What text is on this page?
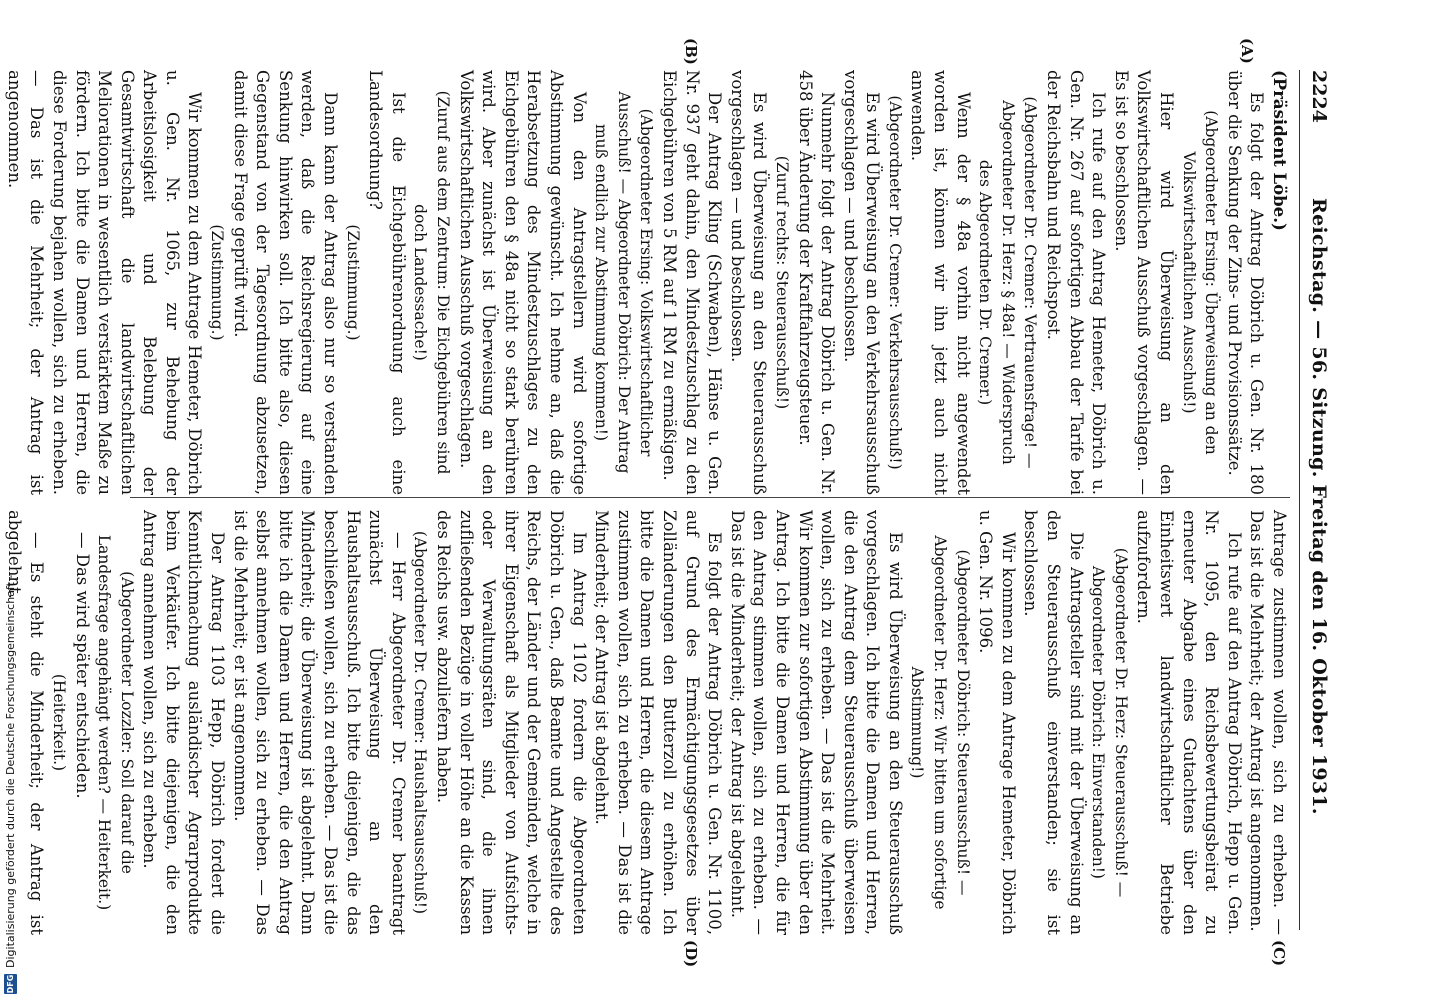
2224
Reichstag. — 56. Sitzung. Freitag den 16. Oktober 1931.
(A)
(B)
(C)
(D)

(Präsident Löbe.)

Es folgt der Antrag Döbrich u. Gen. Nr. 180 über die Senkung der Zins- und Provisionssätze.

(Abgeordneter Ersing: Überweisung an den Volkswirtschaftlichen Ausschuß!)

Hier wird Überweisung an den Volkswirtschaftlichen Ausschuß vorgeschlagen. — Es ist so beschlossen.

Ich rufe auf den Antrag Hemeter, Döbrich u. Gen. Nr. 267 auf sofortigen Abbau der Tarife bei der Reichsbahn und Reichspost.

(Abgeordneter Dr. Cremer: Vertrauensfrage! — Abgeordneter Dr. Herz: § 48a! — Widerspruch des Abgeordneten Dr. Cremer.)

Wenn der § 48a vorhin nicht angewendet worden ist, können wir ihn jetzt auch nicht anwenden.

(Abgeordneter Dr. Cremer: Verkehrsausschuß!)

Es wird Überweisung an den Verkehrsausschuß vorgeschlagen — und beschlossen.

Nunmehr folgt der Antrag Döbrich u. Gen. Nr. 458 über Änderung der Kraftfahrzeugsteuer.

(Zuruf rechts: Steuerausschuß!)

Es wird Überweisung an den Steuerausschuß vorgeschlagen — und beschlossen.

Der Antrag Kling (Schwaben), Hänse u. Gen. Nr. 937 geht dahin, den Mindestzuschlag zu den Eichgebühren von 5 RM auf 1 RM zu ermäßigen.

(Abgeordneter Ersing: Volkswirtschaftlicher Ausschuß! — Abgeordneter Döbrich: Der Antrag muß endlich zur Abstimmung kommen!)

Von den Antragstellern wird sofortige Abstimmung gewünscht. Ich nehme an, daß die Herabsetzung des Mindestzuschlages zu den Eichgebühren den § 48a nicht so stark berühren wird. Aber zunächst ist Überweisung an den Volkswirtschaftlichen Ausschuß vorgeschlagen.

(Zuruf aus dem Zentrum: Die Eichgebühren sind doch Landessache!)

Ist die Eichgebührenordnung auch eine Landesordnung?

(Zustimmung.)

Dann kann der Antrag also nur so verstanden werden, daß die Reichsregierung auf eine Senkung hinwirken soll. Ich bitte also, diesen Gegenstand von der Tagesordnung abzusetzen, damit diese Frage geprüft wird.

(Zustimmung.)

Wir kommen zu dem Antrage Hemeter, Döbrich u. Gen. Nr. 1065, zur Behebung der Arbeitslosigkeit und Belebung der Gesamtwirtschaft die landwirtschaftlichen Meliorationen in wesentlich verstärktem Maße zu fördern. Ich bitte die Damen und Herren, die diese Forderung bejahen wollen, sich zu erheben. — Das ist die Mehrheit; der Antrag ist angenommen.

Antrage zustimmen wollen, sich zu erheben. — Das ist die Mehrheit; der Antrag ist angenommen.

Ich rufe auf den Antrag Döbrich, Hepp u. Gen. Nr. 1095, den Reichsbewertungsbeirat zu erneuter Abgabe eines Gutachtens über den Einheitswert landwirtschaftlicher Betriebe aufzufordern.

(Abgeordneter Dr. Herz: Steuerausschuß! — Abgeordneter Döbrich: Einverstanden!)

Die Antragsteller sind mit der Überweisung an den Steuerausschuß einverstanden; sie ist beschlossen.

Wir kommen zu dem Antrage Hemeter, Döbrich u. Gen. Nr. 1096.

(Abgeordneter Döbrich: Steuerausschuß! — Abgeordneter Dr. Herz: Wir bitten um sofortige Abstimmung!)

Es wird Überweisung an den Steuerausschuß vorgeschlagen. Ich bitte die Damen und Herren, die den Antrag dem Steuerausschuß überweisen wollen, sich zu erheben. — Das ist die Mehrheit. Wir kommen zur sofortigen Abstimmung über den Antrag. Ich bitte die Damen und Herren, die für den Antrag stimmen wollen, sich zu erheben. — Das ist die Minderheit; der Antrag ist abgelehnt.

Es folgt der Antrag Döbrich u. Gen. Nr. 1100, auf Grund des Ermächtigungsgesetzes über Zolländerungen den Butterzoll zu erhöhen. Ich bitte die Damen und Herren, die diesem Antrage zustimmen wollen, sich zu erheben. — Das ist die Minderheit; der Antrag ist abgelehnt.

Im Antrag 1102 fordern die Abgeordneten Döbrich u. Gen., daß Beamte und Angestellte des Reichs, der Länder und der Gemeinden, welche in ihrer Eigenschaft als Mitglieder von Aufsichts- oder Verwaltungsräten sind, die ihnen zufließenden Bezüge in voller Höhe an die Kassen des Reichs usw. abzuliefern haben.

(Abgeordneter Dr. Cremer: Haushaltsausschuß!)

— Herr Abgeordneter Dr. Cremer beantragt zunächst Überweisung an den Haushaltsausschuß. Ich bitte diejenigen, die das beschließen wollen, sich zu erheben. — Das ist die Minderheit; die Überweisung ist abgelehnt. Dann bitte ich die Damen und Herren, die den Antrag selbst annehmen wollen, sich zu erheben. — Das ist die Mehrheit; er ist angenommen.

Der Antrag 1103 Hepp, Döbrich fordert die Kenntlichmachung ausländischer Agrarprodukte beim Verkäufer. Ich bitte diejenigen, die den Antrag annehmen wollen, sich zu erheben.

(Abgeordneter Lozzler: Soll darauf die Landesfrage angehängt werden? — Heiterkeit.)

— Das wird später entschieden.

(Heiterkeit.)

— Es steht die Minderheit; der Antrag ist abgelehnt.

DFG
Digitalisierung gefördert durch die Deutsche Forschungsgemeinschaft -
